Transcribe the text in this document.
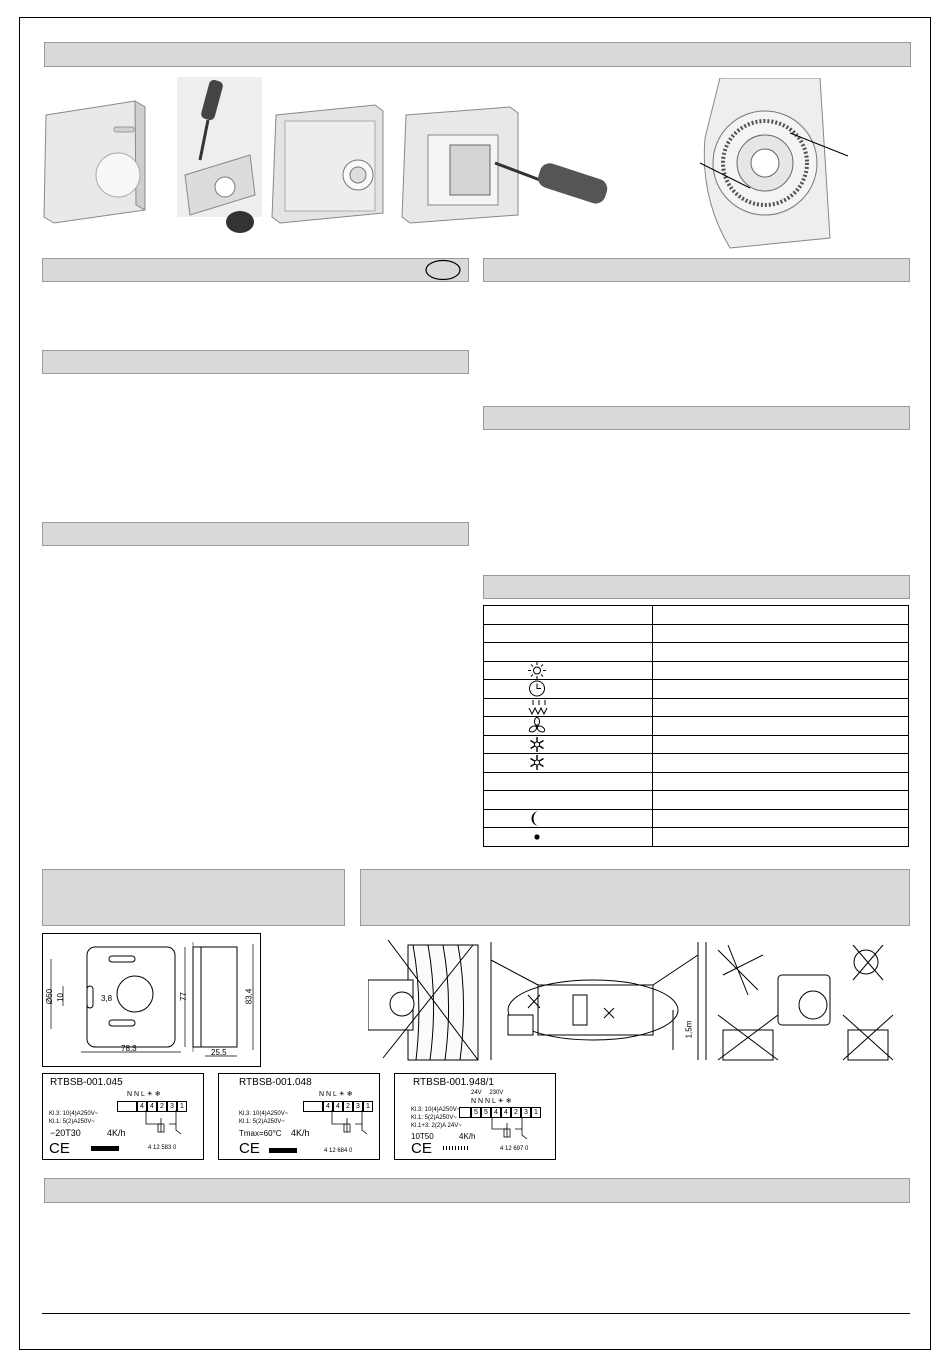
Ø60 10	3,8
78,3
77	83,4
25,5
1,5m
RTBSB-001.045
N N L ☀ ❄
4 4 2 3 1
Kl.3: 10(4)A250V~
Kl.1: 5(2)A250V~
−20T30	4K/h
CE	4 12 583 0
RTBSB-001.048
N N L ☀ ❄
4 4 2 3 1
Kl.3: 10(4)A250V~
Kl.1: 5(2)A250V~
Tmax=60°C 4K/h
CE	4 12 684 0
RTBSB-001.948/1
24V 230V
N N N L ☀ ❄
5 5 4 4 2 3 1
Kl.3: 10(4)A250V~
Kl.1: 5(2)A250V~
Kl.1+3: 2(2)A 24V~
10T50	4K/h
CE	4 12 697 0
